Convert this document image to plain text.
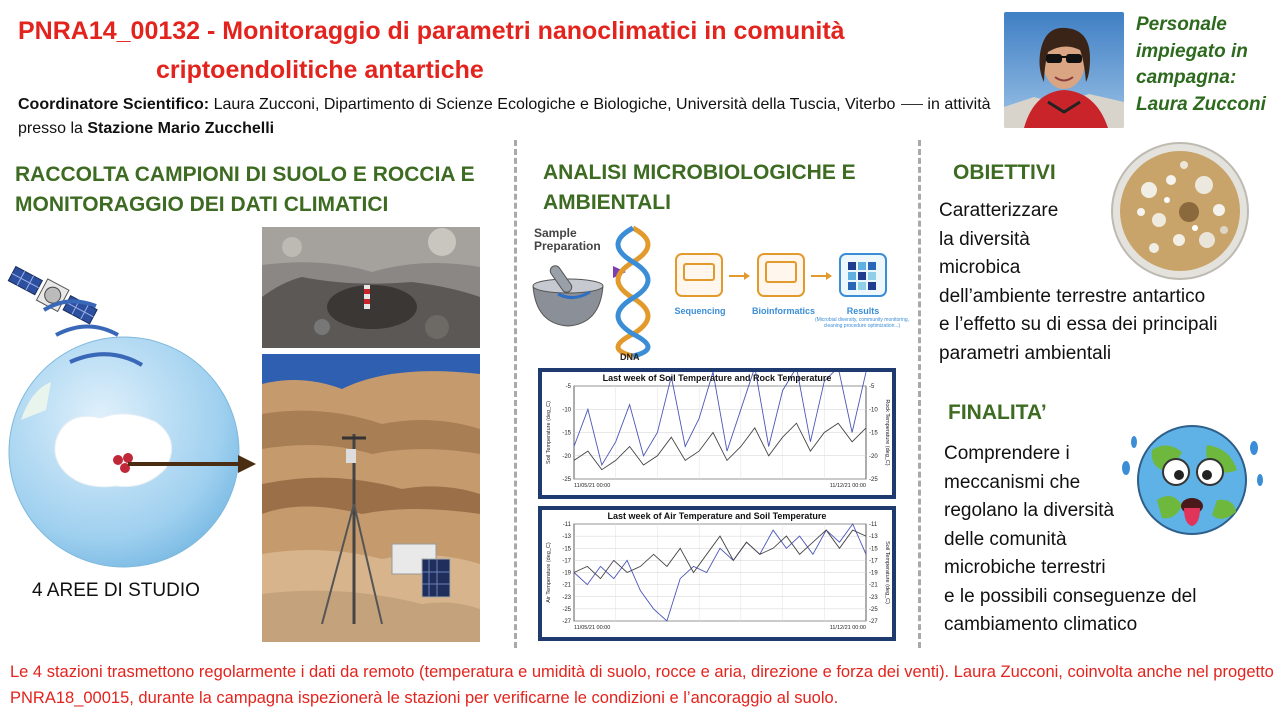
PNRA14_00132 - Monitoraggio di parametri nanoclimatici in comunità
criptoendolitiche antartiche
Coordinatore Scientifico: Laura Zucconi, Dipartimento di Scienze Ecologiche e Biologiche, Università della Tuscia, Viterbo in attività presso la Stazione Mario Zucchelli
Personale impiegato in campagna:
Laura Zucconi
RACCOLTA CAMPIONI DI SUOLO E ROCCIA E MONITORAGGIO DEI DATI CLIMATICI
4 AREE DI STUDIO
ANALISI MICROBIOLOGICHE E AMBIENTALI
Sample Preparation
DNA
Sequencing	Bioinformatics	Results
(Microbial diversity, community monitoring, cleaning procedure optimization...)
Last week of Soil Temperature and Rock Temperature
-5	-5
-10	-10
-15	-15
-20	-20
-25	-25
11/05/21 00:00	11/12/21 00:00
Soil Temperature (deg_C)	Rock Temperature (deg_C)
Last week of Air Temperature and Soil Temperature
-11	-11
-13	-13
-15	-15
-17	-17
-19	-19
-21	-21
-23	-23
-25	-25
-27	-27
11/05/21 00:00	11/12/21 00:00
Air Temperature (deg_C)	Soil Temperature (deg_C)
OBIETTIVI
Caratterizzare
la diversità
microbica
dell’ambiente terrestre antartico
e l’effetto su di essa dei principali
parametri ambientali
FINALITA’
Comprendere i
meccanismi che
regolano la diversità
delle comunità
microbiche terrestri
e le possibili conseguenze del
cambiamento climatico
Le 4 stazioni trasmettono regolarmente i dati da remoto (temperatura e umidità di suolo, rocce e aria, direzione e forza dei venti). Laura Zucconi, coinvolta anche nel progetto PNRA18_00015, durante la campagna ispezionerà le stazioni per verificarne le condizioni e l’ancoraggio al suolo.
